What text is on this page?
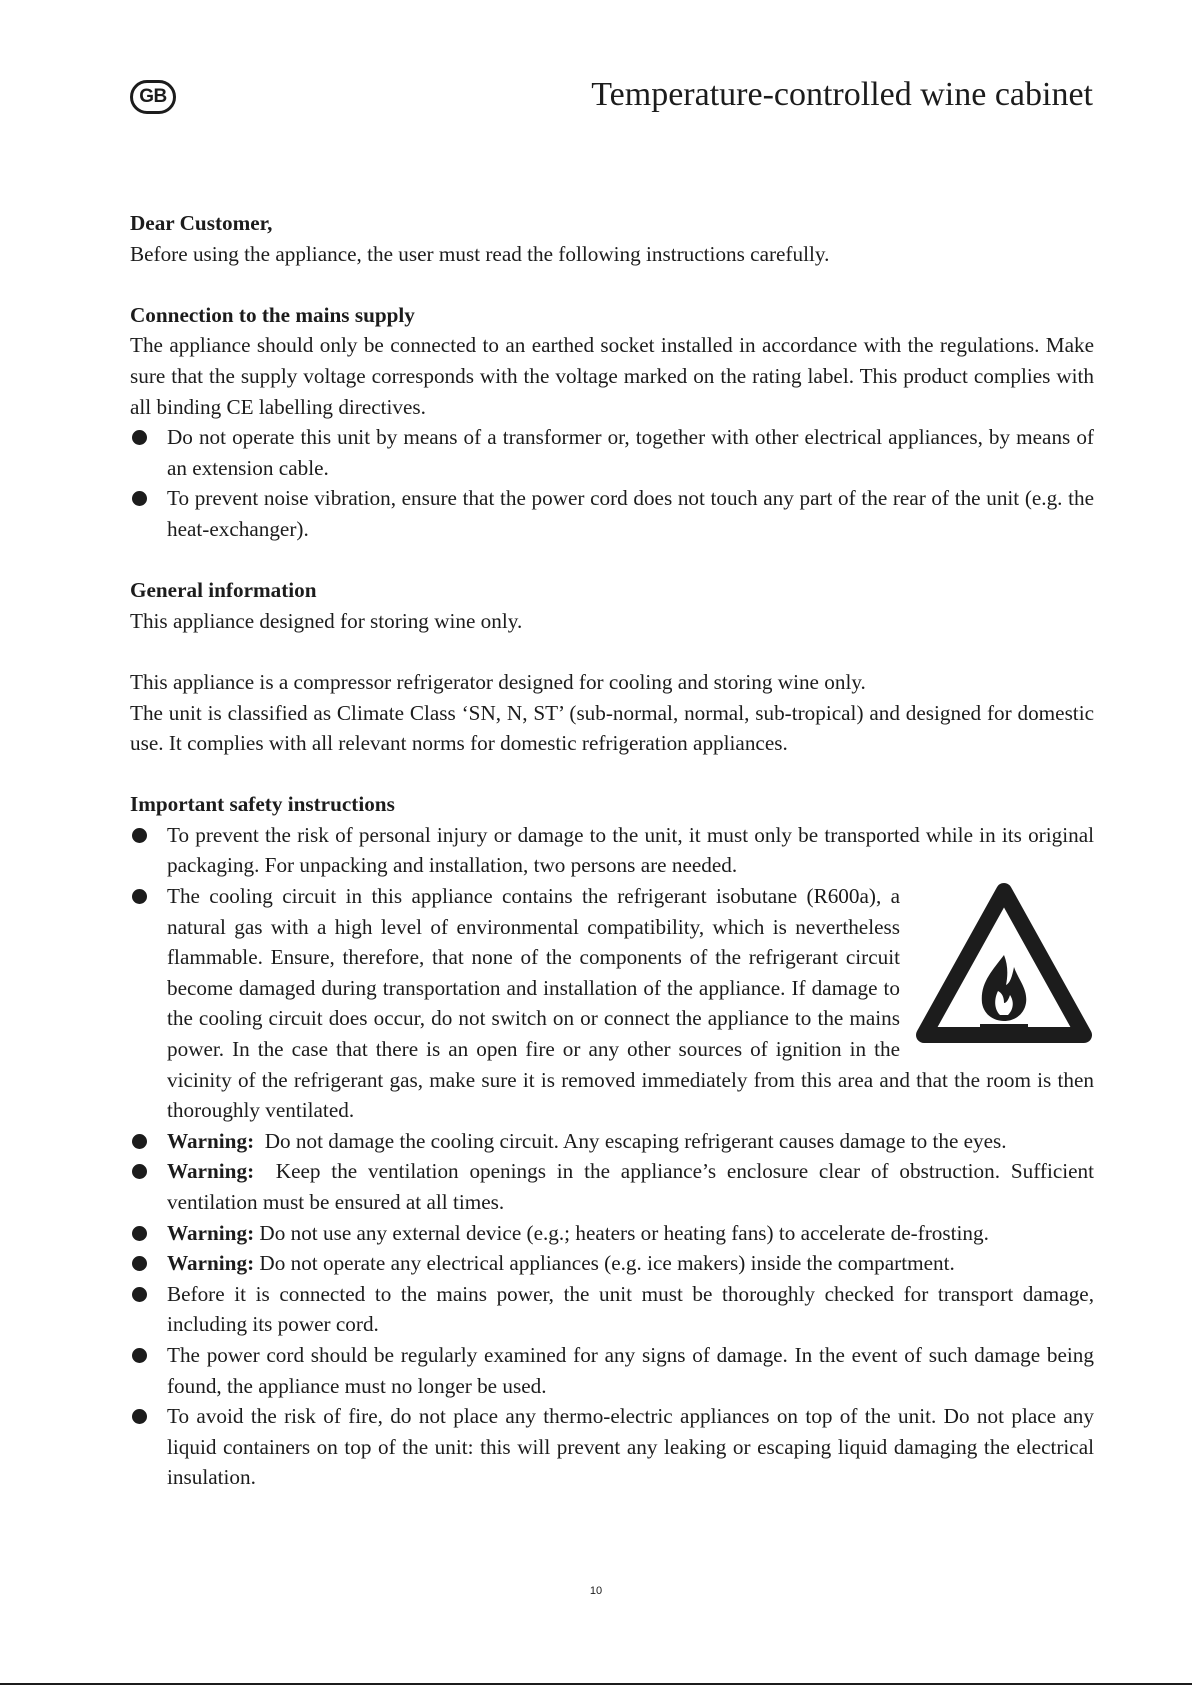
GB	Temperature-controlled wine cabinet

Dear Customer,

Before using the appliance, the user must read the following instructions carefully.

Connection to the mains supply

The appliance should only be connected to an earthed socket installed in accordance with the regulations. Make sure that the supply voltage corresponds with the voltage marked on the rating label. This product complies with all binding CE labelling directives.

Do not operate this unit by means of a transformer or, together with other electrical appliances, by means of an extension cable.
To prevent noise vibration, ensure that the power cord does not touch any part of the rear of the unit (e.g. the heat-exchanger).

General information

This appliance designed for storing wine only.

This appliance is a compressor refrigerator designed for cooling and storing wine only.

The unit is classified as Climate Class ‘SN, N, ST’ (sub-normal, normal, sub-tropical) and designed for domestic use. It complies with all relevant norms for domestic refrigeration appliances.

Important safety instructions

To prevent the risk of personal injury or damage to the unit, it must only be transported while in its original packaging. For unpacking and installation, two persons are needed.
The cooling circuit in this appliance contains the refrigerant isobutane (R600a), a natural gas with a high level of environmental compatibility, which is nevertheless flammable. Ensure, therefore, that none of the components of the refrigerant circuit become damaged during transportation and installation of the appliance. If damage to the cooling circuit does occur, do not switch on or connect the appliance to the mains power. In the case that there is an open fire or any other sources of ignition in the vicinity of the refrigerant gas, make sure it is removed immediately from this area and that the room is then thoroughly ventilated.
Warning: Do not damage the cooling circuit. Any escaping refrigerant causes damage to the eyes.
Warning: Keep the ventilation openings in the appliance’s enclosure clear of obstruction. Sufficient ventilation must be ensured at all times.
Warning: Do not use any external device (e.g.; heaters or heating fans) to accelerate de-frosting.
Warning: Do not operate any electrical appliances (e.g. ice makers) inside the compartment.
Before it is connected to the mains power, the unit must be thoroughly checked for transport damage, including its power cord.
The power cord should be regularly examined for any signs of damage. In the event of such damage being found, the appliance must no longer be used.
To avoid the risk of fire, do not place any thermo-electric appliances on top of the unit. Do not place any liquid containers on top of the unit: this will prevent any leaking or escaping liquid damaging the electrical insulation.
10
